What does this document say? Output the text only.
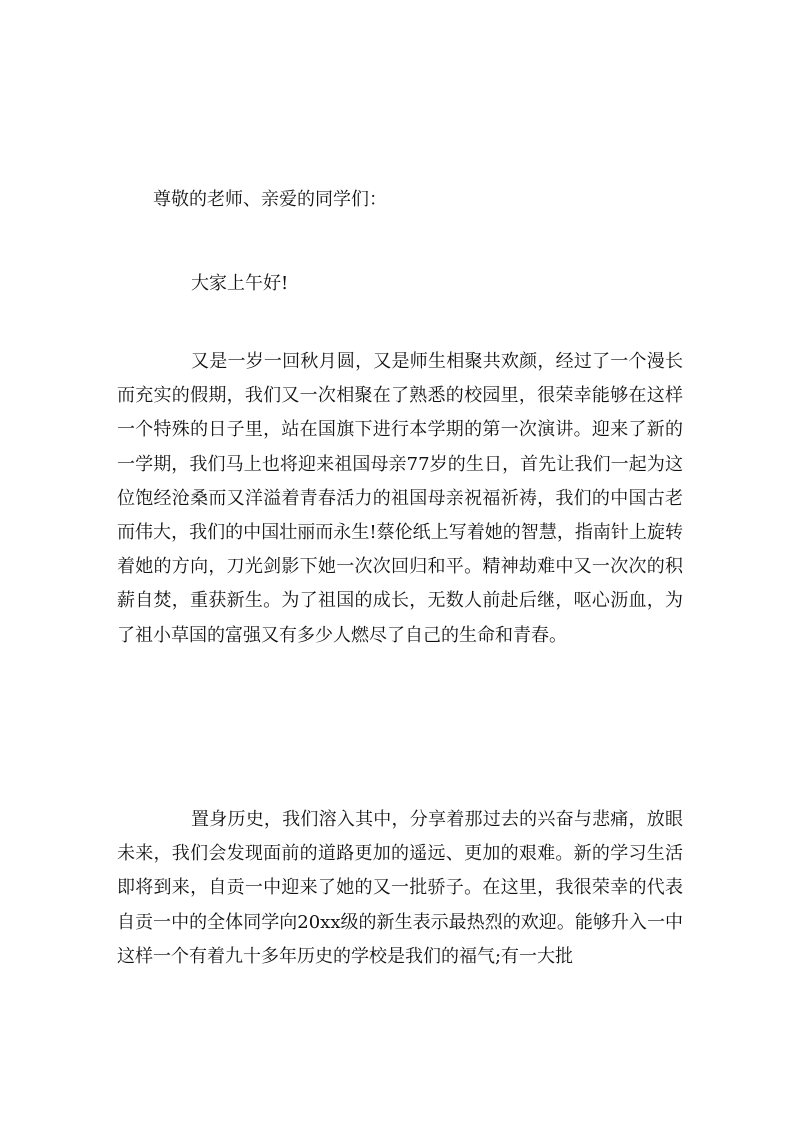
尊敬的老师、亲爱的同学们：
大家上午好!

又是一岁一回秋月圆，又是师生相聚共欢颜，经过了一个漫长而充实的假期，我们又一次相聚在了熟悉的校园里，很荣幸能够在这样一个特殊的日子里，站在国旗下进行本学期的第一次演讲。迎来了新的一学期，我们马上也将迎来祖国母亲77岁的生日，首先让我们一起为这位饱经沧桑而又洋溢着青春活力的祖国母亲祝福祈祷，我们的中国古老而伟大，我们的中国壮丽而永生!蔡伦纸上写着她的智慧，指南针上旋转着她的方向，刀光剑影下她一次次回归和平。精神劫难中又一次次的积薪自焚，重获新生。为了祖国的成长，无数人前赴后继，呕心沥血，为了祖小草国的富强又有多少人燃尽了自己的生命和青春。

置身历史，我们溶入其中，分享着那过去的兴奋与悲痛，放眼未来，我们会发现面前的道路更加的遥远、更加的艰难。新的学习生活即将到来，自贡一中迎来了她的又一批骄子。在这里，我很荣幸的代表自贡一中的全体同学向20xx级的新生表示最热烈的欢迎。能够升入一中这样一个有着九十多年历史的学校是我们的福气;有一大批
